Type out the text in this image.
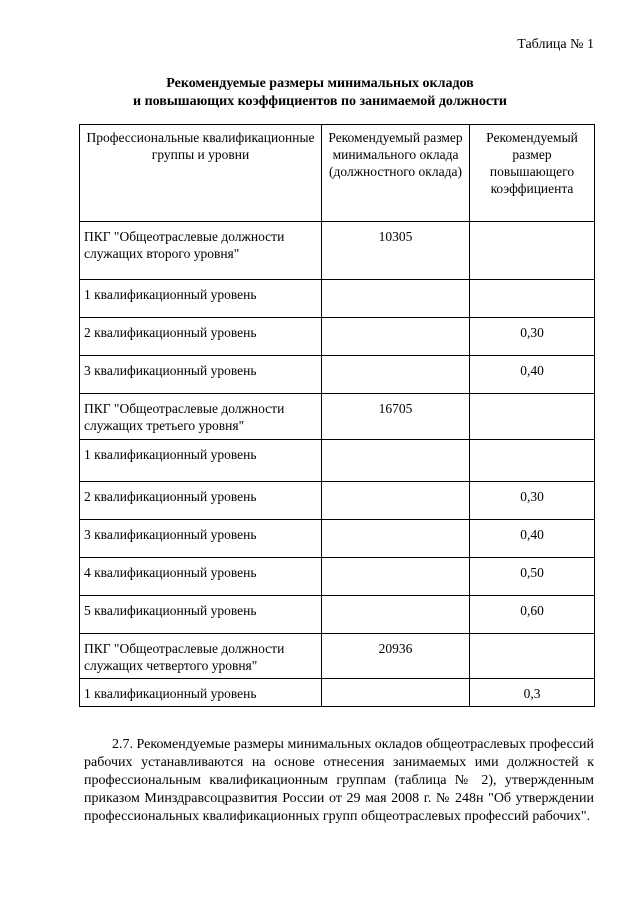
Таблица № 1
Рекомендуемые размеры минимальных окладов
и повышающих коэффициентов по занимаемой должности
Профессиональные квалификационные группы и уровни	Рекомендуемый размер минимального оклада (должностного оклада)	Рекомендуемый размер повышающего коэффициента
ПКГ "Общеотраслевые должности служащих второго уровня"	10305	
1 квалификационный уровень		
2 квалификационный уровень		0,30
3 квалификационный уровень		0,40
ПКГ "Общеотраслевые должности служащих третьего уровня"	16705	
1 квалификационный уровень		
2 квалификационный уровень		0,30
3 квалификационный уровень		0,40
4 квалификационный уровень		0,50
5 квалификационный уровень		0,60
ПКГ "Общеотраслевые должности служащих четвертого уровня"	20936	
1 квалификационный уровень		0,3

2.7. Рекомендуемые размеры минимальных окладов общеотраслевых профессий рабочих устанавливаются на основе отнесения занимаемых ими должностей к профессиональным квалификационным группам (таблица № 2), утвержденным приказом Минздравсоцразвития России от 29 мая 2008 г. № 248н "Об утверждении профессиональных квалификационных групп общеотраслевых профессий рабочих".
